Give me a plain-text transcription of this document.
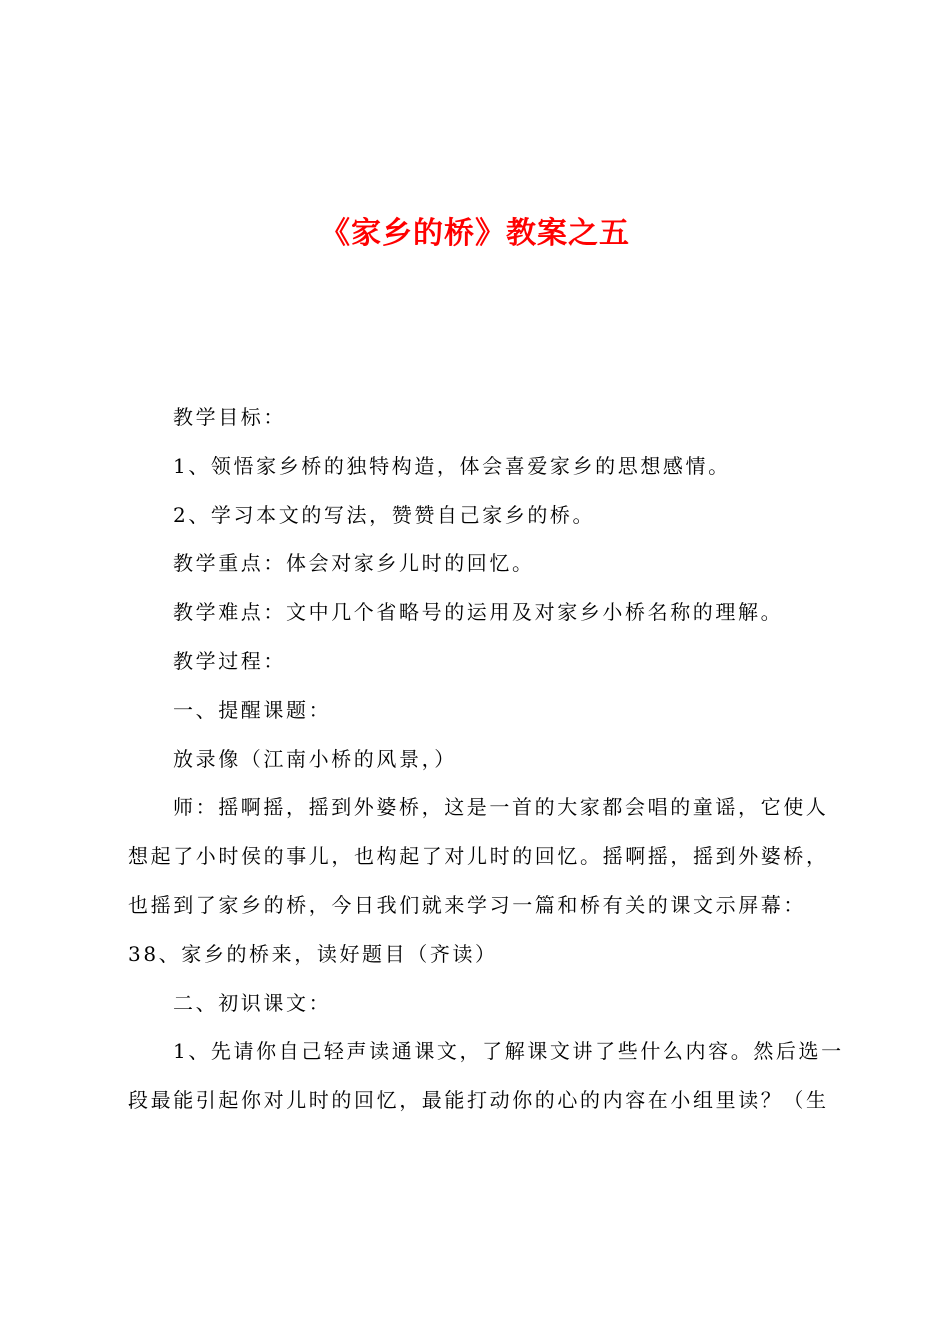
《家乡的桥》教案之五
教学目标：
1、领悟家乡桥的独特构造，体会喜爱家乡的思想感情。
2、学习本文的写法，赞赞自己家乡的桥。
教学重点：体会对家乡儿时的回忆。
教学难点：文中几个省略号的运用及对家乡小桥名称的理解。
教学过程：
一、提醒课题：
放录像（江南小桥的风景，）
师：摇啊摇，摇到外婆桥，这是一首的大家都会唱的童谣，它使人
想起了小时侯的事儿，也构起了对儿时的回忆。摇啊摇，摇到外婆桥，
也摇到了家乡的桥，今日我们就来学习一篇和桥有关的课文示屏幕：
38、家乡的桥来，读好题目（齐读）
二、初识课文：
1、先请你自己轻声读通课文，了解课文讲了些什么内容。然后选一
段最能引起你对儿时的回忆，最能打动你的心的内容在小组里读？（生
